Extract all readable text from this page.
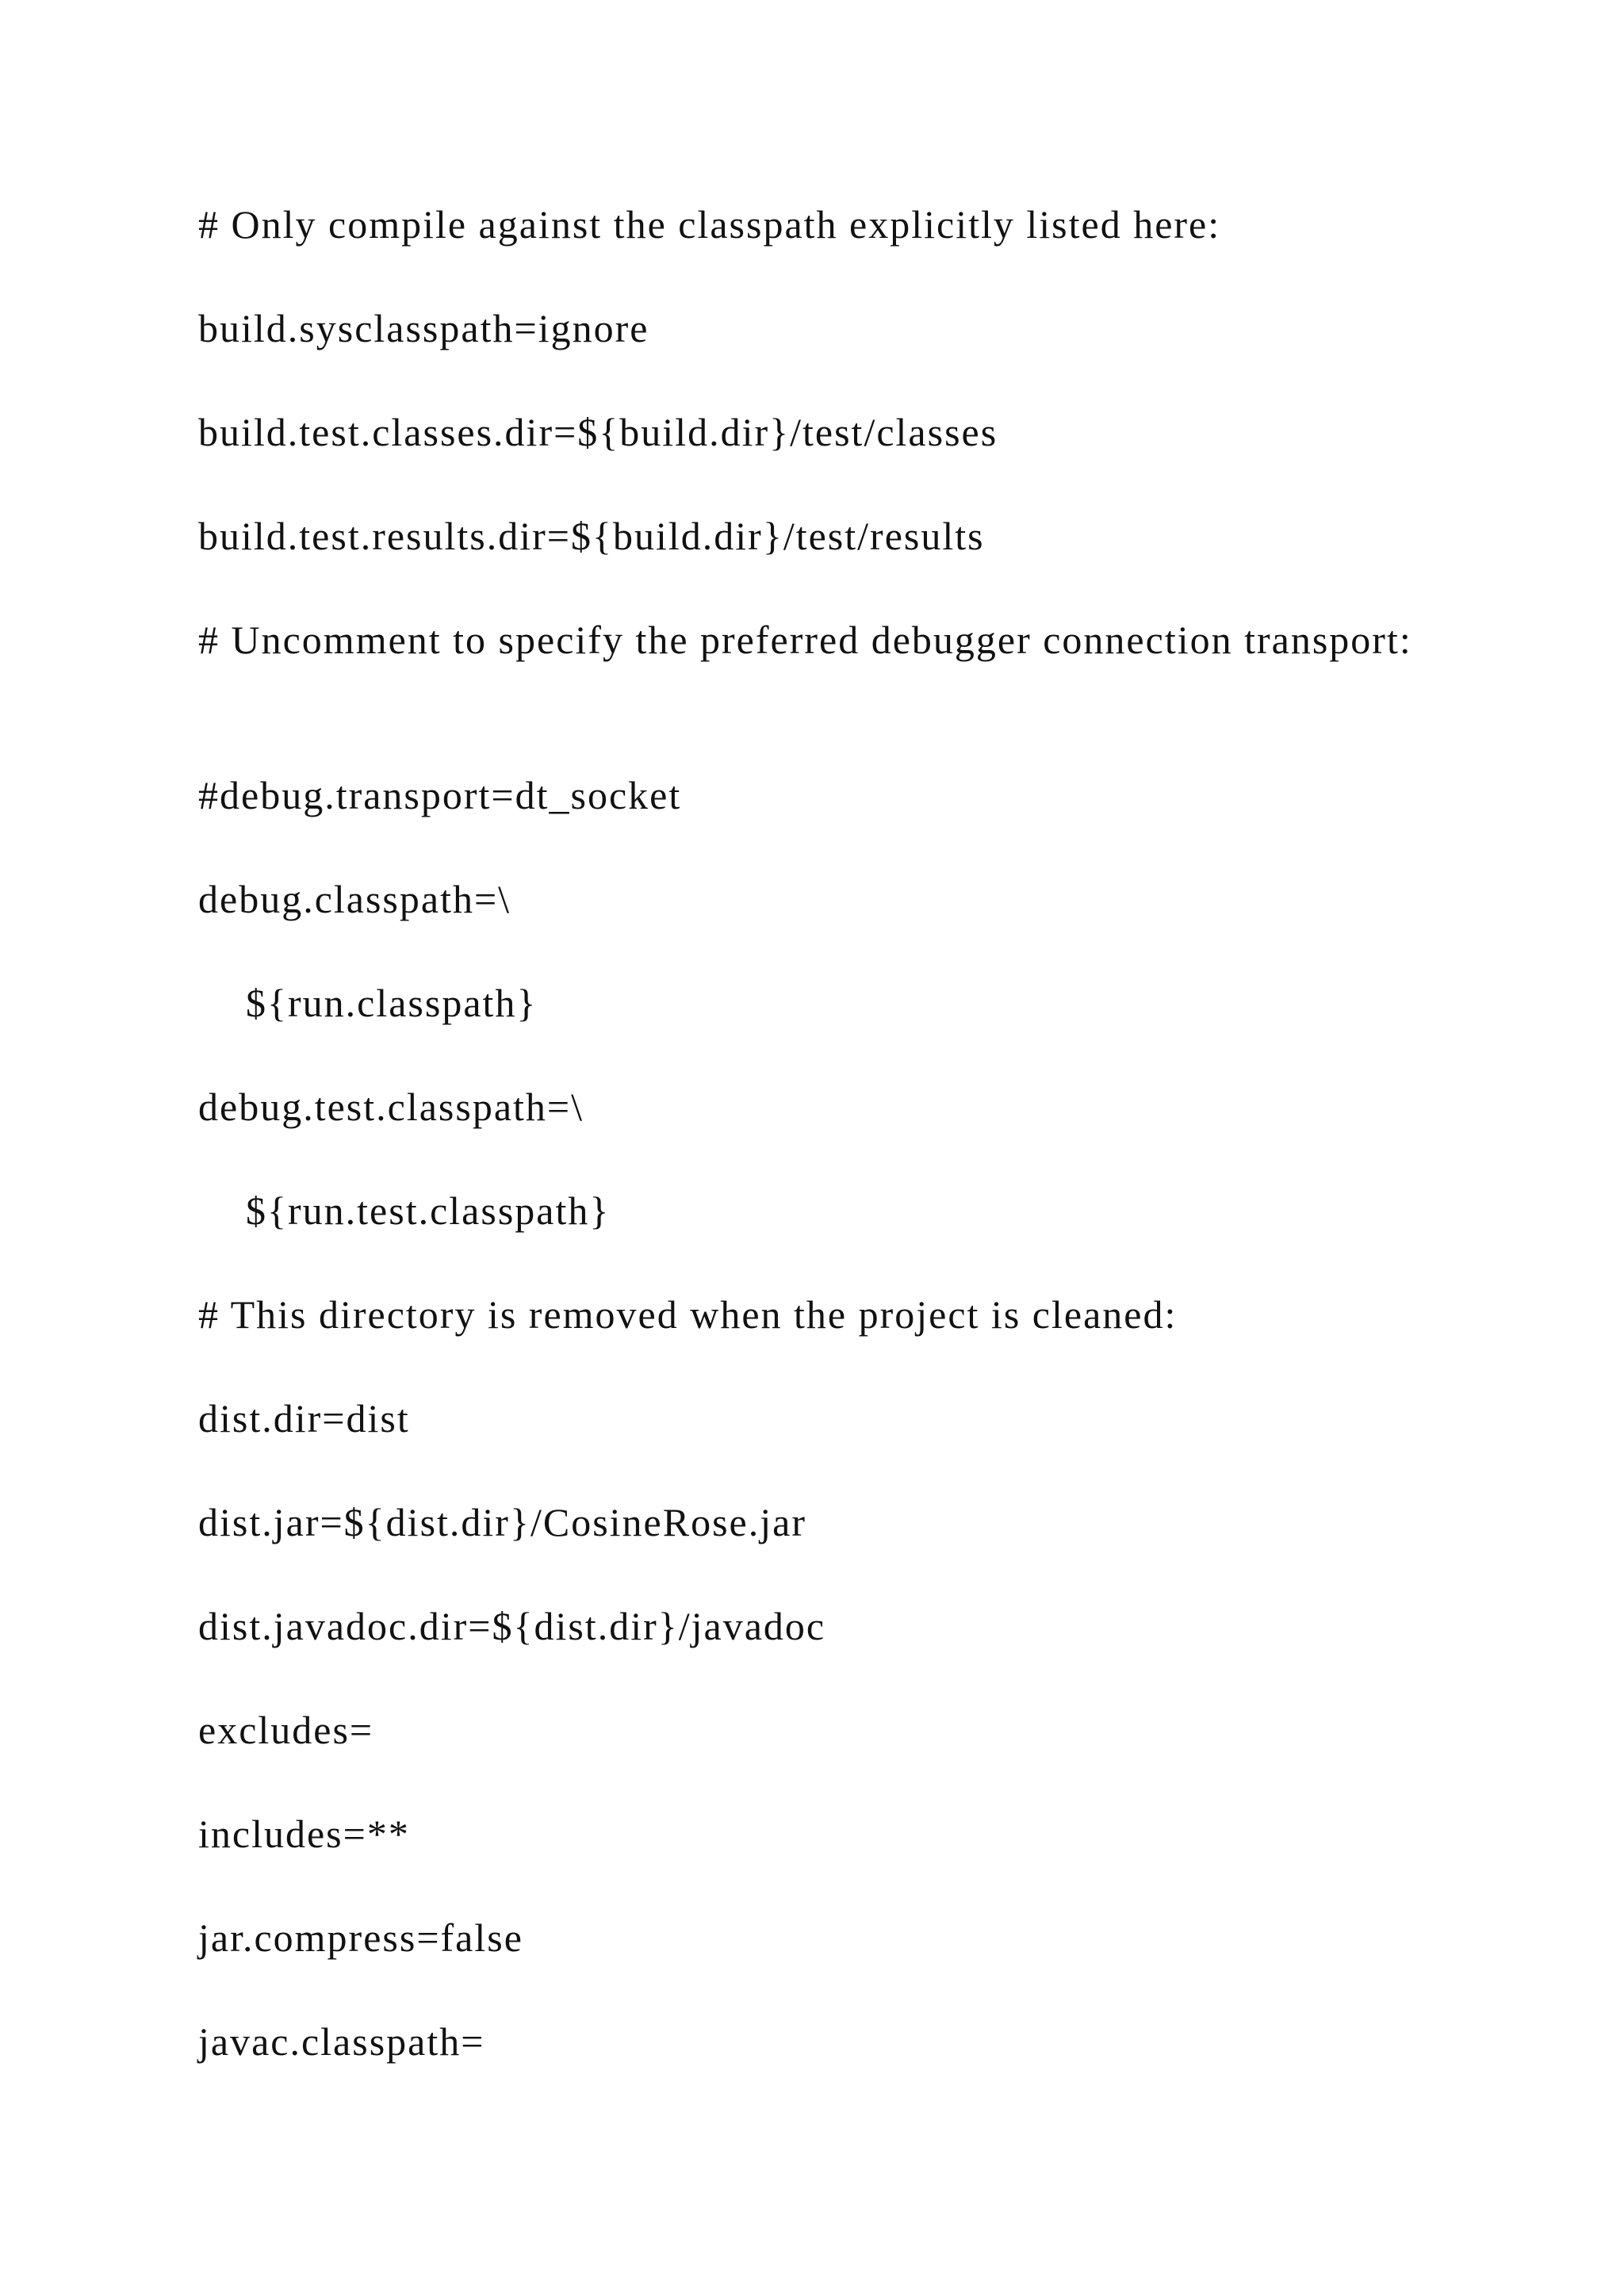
# Only compile against the classpath explicitly listed here:

build.sysclasspath=ignore

build.test.classes.dir=${build.dir}/test/classes

build.test.results.dir=${build.dir}/test/results

# Uncomment to specify the preferred debugger connection transport:

#debug.transport=dt_socket

debug.classpath=\

${run.classpath}

debug.test.classpath=\

${run.test.classpath}

# This directory is removed when the project is cleaned:

dist.dir=dist

dist.jar=${dist.dir}/CosineRose.jar

dist.javadoc.dir=${dist.dir}/javadoc

excludes=

includes=**

jar.compress=false

javac.classpath=
